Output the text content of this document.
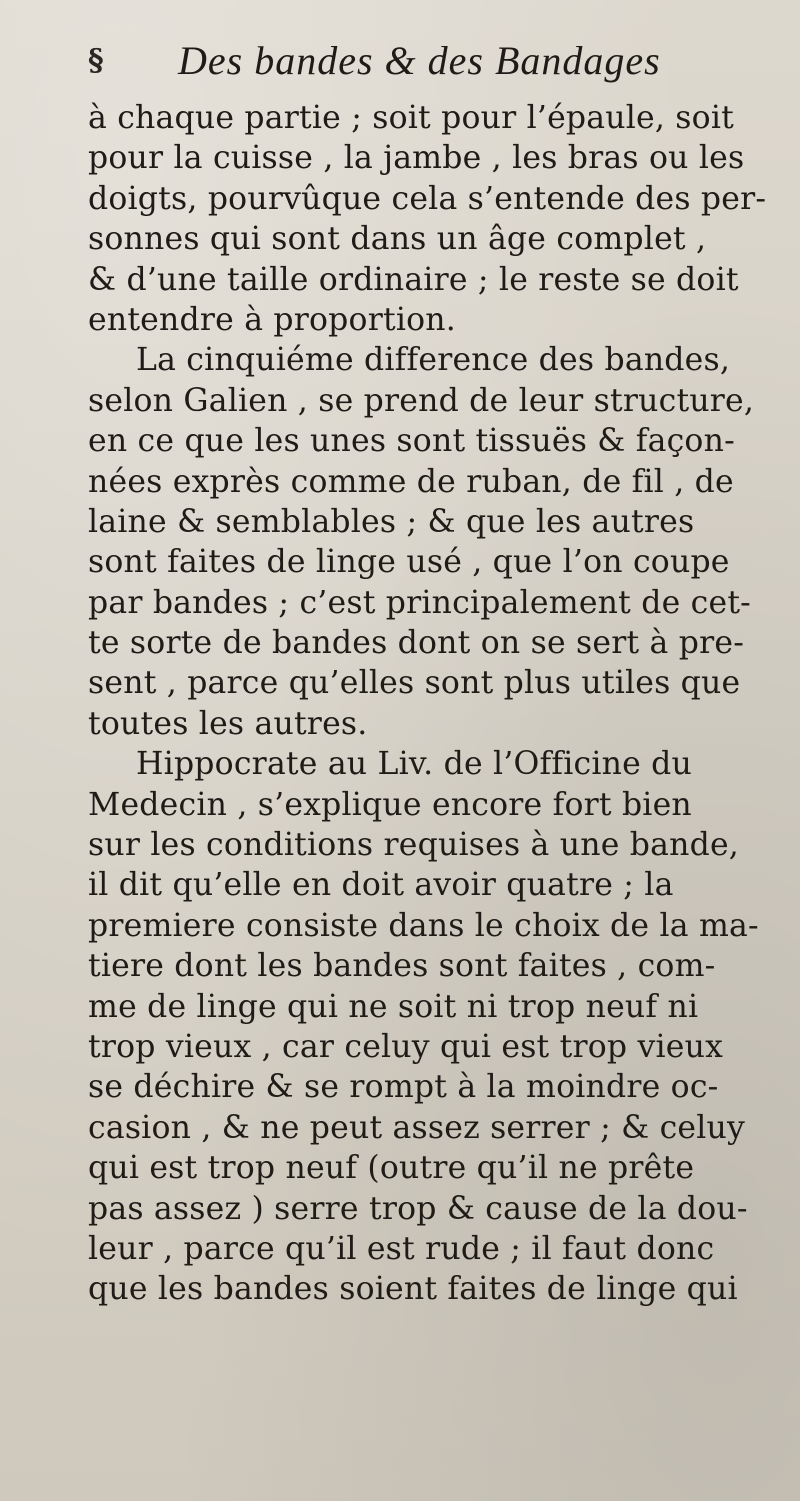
§	Des bandes & des Bandages
à chaque partie ; soit pour l’épaule, soit
pour la cuisse , la jambe , les bras ou les
doigts, pourvûque cela s’entende des per-
sonnes qui sont dans un âge complet ,
& d’une taille ordinaire ; le reste se doit
entendre à proportion.
La cinquiéme difference des bandes,
selon Galien , se prend de leur structure,
en ce que les unes sont tissuës & façon-
nées exprès comme de ruban, de fil , de
laine & semblables ; & que les autres
sont faites de linge usé , que l’on coupe
par bandes ; c’est principalement de cet-
te sorte de bandes dont on se sert à pre-
sent , parce qu’elles sont plus utiles que
toutes les autres.
Hippocrate au Liv. de l’Officine du
Medecin , s’explique encore fort bien
sur les conditions requises à une bande,
il dit qu’elle en doit avoir quatre ; la
premiere consiste dans le choix de la ma-
tiere dont les bandes sont faites , com-
me de linge qui ne soit ni trop neuf ni
trop vieux , car celuy qui est trop vieux
se déchire & se rompt à la moindre oc-
casion , & ne peut assez serrer ; & celuy
qui est trop neuf (outre qu’il ne prête
pas assez ) serre trop & cause de la dou-
leur , parce qu’il est rude ; il faut donc
que les bandes soient faites de linge qui
